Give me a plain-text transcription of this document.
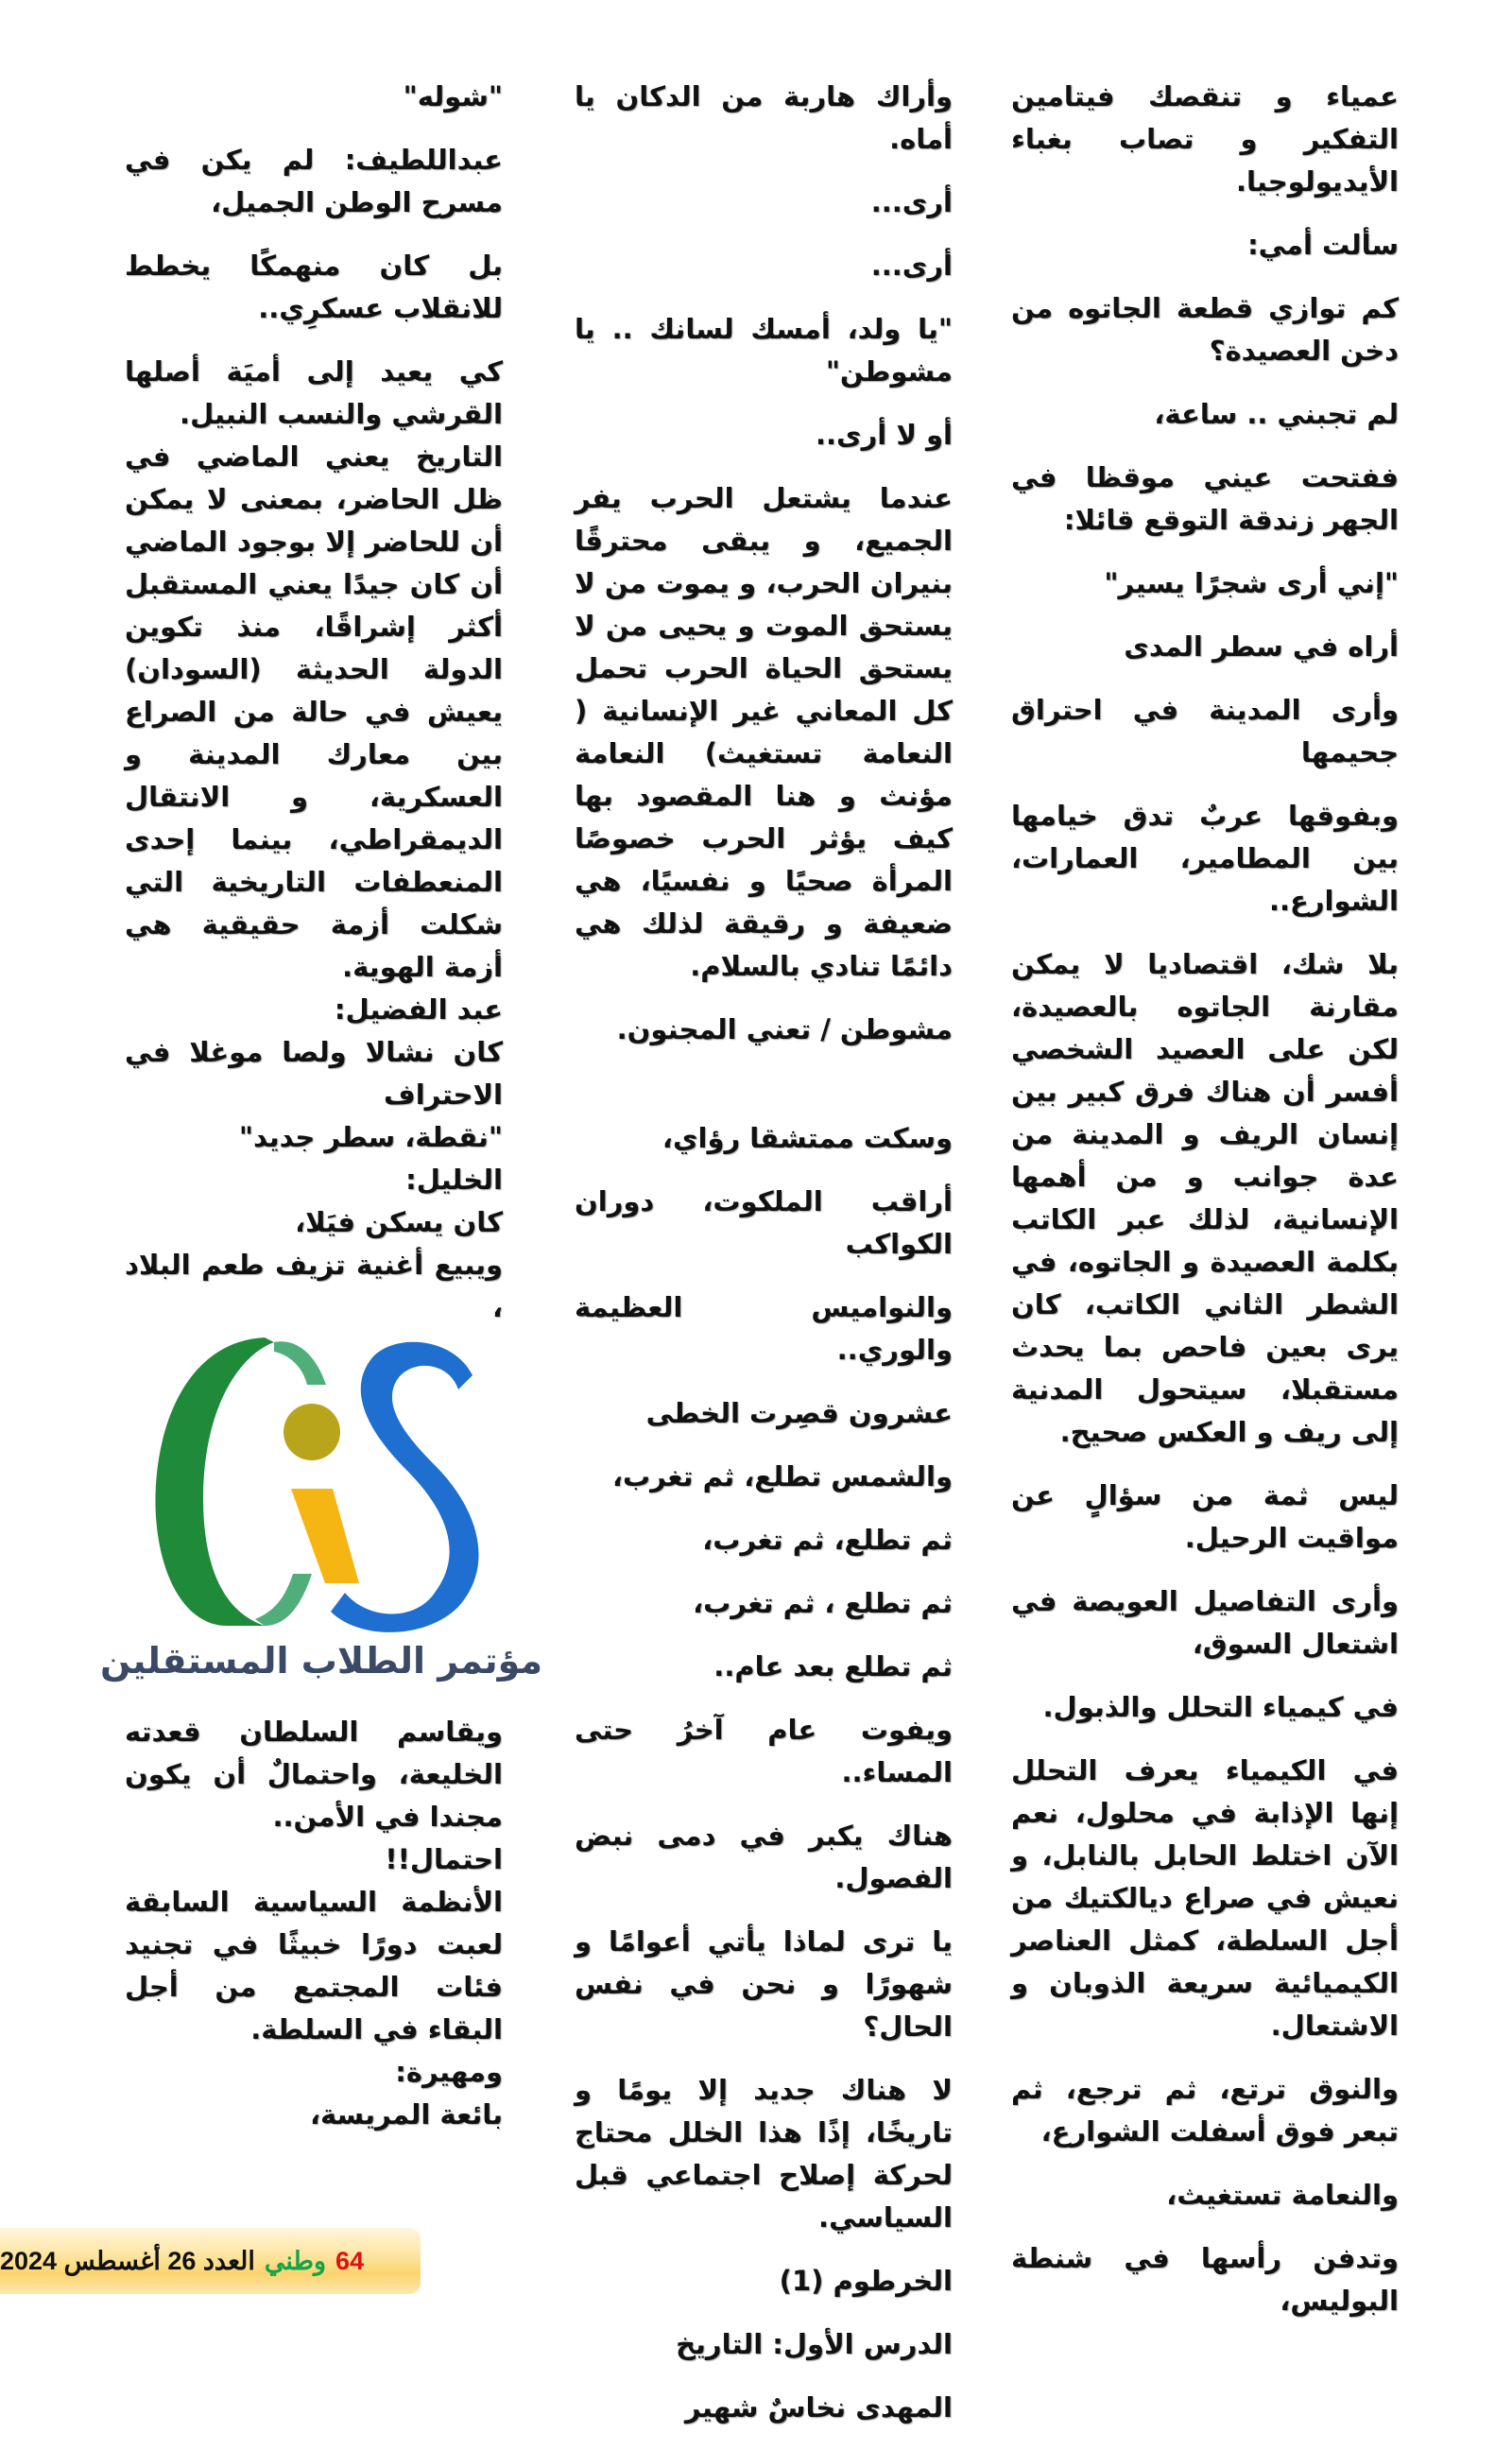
عمياء و تنقصك فيتامين التفكير و تصاب بغباء الأيديولوجيا.

سألت أمي:

كم توازي قطعة الجاتوه من دخن العصيدة؟

لم تجبني .. ساعة،

ففتحت عيني موقظا في الجهر زندقة التوقع قائلا:

"إني أرى شجرًا يسير"

أراه في سطر المدى

وأرى المدينة في احتراق جحيمها

وبفوقها عربٌ تدق خيامها بين المطامير، العمارات، الشوارع..

بلا شك، اقتصاديا لا يمكن مقارنة الجاتوه بالعصيدة، لكن على العصيد الشخصي أفسر أن هناك فرق كبير بين إنسان الريف و المدينة من عدة جوانب و من أهمها الإنسانية، لذلك عبر الكاتب بكلمة العصيدة و الجاتوه، في الشطر الثاني الكاتب، كان يرى بعين فاحص بما يحدث مستقبلا، سيتحول المدنية إلى ريف و العكس صحيح.

ليس ثمة من سؤالٍ عن مواقيت الرحيل.

وأرى التفاصيل العويصة في اشتعال السوق،

في كيمياء التحلل والذبول.

في الكيمياء يعرف التحلل إنها الإذابة في محلول، نعم الآن اختلط الحابل بالنابل، و نعيش في صراع ديالكتيك من أجل السلطة، كمثل العناصر الكيميائية سريعة الذوبان و الاشتعال.

والنوق ترتع، ثم ترجع، ثم تبعر فوق أسفلت الشوارع،

والنعامة تستغيث،

وتدفن رأسها في شنطة البوليس،

وأراك هاربة من الدكان يا أماه.

أرى...

أرى...

"يا ولد، أمسك لسانك .. يا مشوطن"

أو لا أرى..

عندما يشتعل الحرب يفر الجميع، و يبقى محترقًا بنيران الحرب، و يموت من لا يستحق الموت و يحيى من لا يستحق الحياة الحرب تحمل كل المعاني غير الإنسانية ( النعامة تستغيث) النعامة مؤنث و هنا المقصود بها كيف يؤثر الحرب خصوصًا المرأة صحيًا و نفسيًا، هي ضعيفة و رقيقة لذلك هي دائمًا تنادي بالسلام.

مشوطن / تعني المجنون.

وسكت ممتشقا رؤاي،

أراقب الملكوت، دوران الكواكب

والنواميس العظيمة والوري..

عشرون قصِرت الخطى

والشمس تطلع، ثم تغرب،

ثم تطلع، ثم تغرب،

ثم تطلع ، ثم تغرب،

ثم تطلع بعد عام..

ويفوت عام آخرُ حتى المساء..

هناك يكبر في دمى نبض الفصول.

يا ترى لماذا يأتي أعوامًا و شهورًا و نحن في نفس الحال؟

لا هناك جديد إلا يومًا و تاريخًا، إذًا هذا الخلل محتاج لحركة إصلاح اجتماعي قبل السياسي.

الخرطوم (1)

الدرس الأول: التاريخ

المهدى نخاسٌ شهير

"شوله"

عبداللطيف: لم يكن في مسرح الوطن الجميل،

بل كان منهمكًا يخطط للانقلاب عسكرِي..

كي يعيد إلى أميَة أصلها القرشي والنسب النبيل.

التاريخ يعني الماضي في ظل الحاضر، بمعنى لا يمكن أن للحاضر إلا بوجود الماضي أن كان جيدًا يعني المستقبل أكثر إشراقًا، منذ تكوين الدولة الحديثة (السودان) يعيش في حالة من الصراع بين معارك المدينة و العسكرية، و الانتقال الديمقراطي، بينما إحدى المنعطفات التاريخية التي شكلت أزمة حقيقية هي أزمة الهوية.

عبد الفضيل:

كان نشالا ولصا موغلا في الاحتراف

"نقطة، سطر جديد"

الخليل:

كان يسكن فيَلا،

ويبيع أغنية تزيف طعم البلاد ،

مؤتمر الطلاب المستقلين

ويقاسم السلطان قعدته الخليعة، واحتمالٌ أن يكون مجندا في الأمن..

احتمال!!

الأنظمة السياسية السابقة لعبت دورًا خبيثًا في تجنيد فئات المجتمع من أجل البقاء في السلطة.

ومهيرة:

بائعة المريسة،

64
وطني
العدد 26 أغسطس 2024
